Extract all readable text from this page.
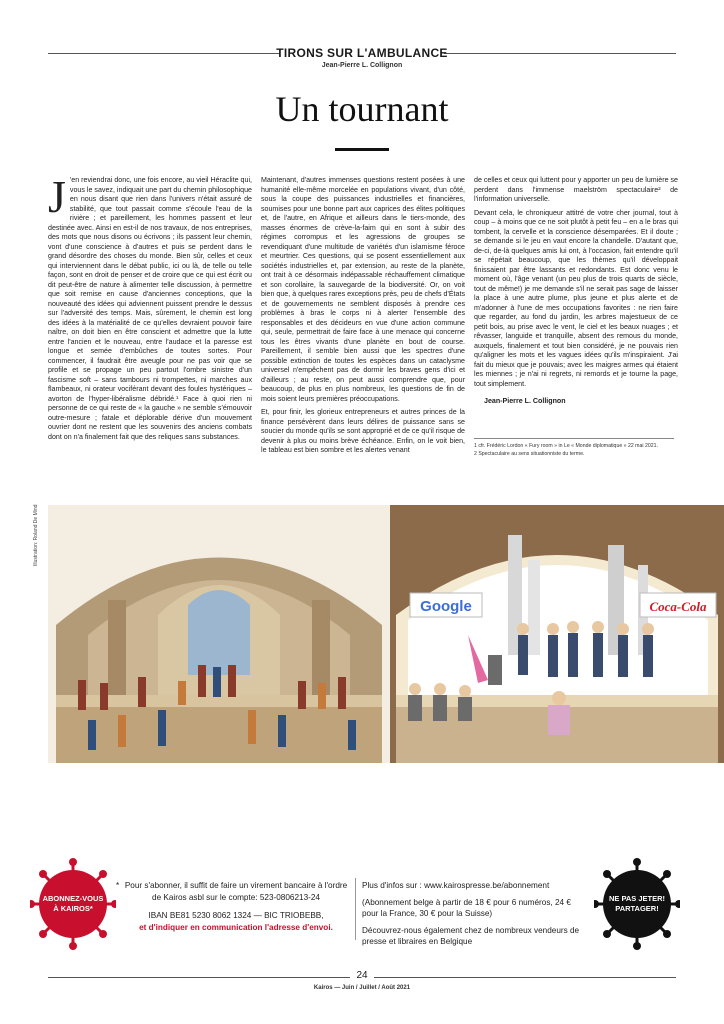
TIRONS SUR L'AMBULANCE
Jean-Pierre L. Collignon
Un tournant

J 'en reviendrai donc, une fois encore, au vieil Héraclite qui, vous le savez, indiquait une part du chemin philosophique en nous disant que rien dans l'univers n'était assuré de stabilité, que tout passait comme s'écoule l'eau de la rivière ; et pareillement, les hommes passent et leur destinée avec. Ainsi en est-il de nos travaux, de nos entreprises, des mots que nous disons ou écrivons ; ils passent leur chemin, vont d'une conscience à d'autres et puis se perdent dans le grand désordre des choses du monde. Bien sûr, celles et ceux qui interviennent dans le débat public, ici ou là, de telle ou telle façon, sont en droit de penser et de croire que ce qui est écrit ou dit peut-être de nature à alimenter telle discussion, à permettre que soit remise en cause d'anciennes conceptions, que la nouveauté des idées qui adviennent puissent prendre le dessus sur l'adversité des temps. Mais, sûrement, le chemin est long des idées à la matérialité de ce qu'elles devraient pouvoir faire naître, on doit bien en être conscient et admettre que la lutte entre l'ancien et le nouveau, entre l'audace et la paresse est longue et semée d'embûches de toutes sortes. Pour commencer, il faudrait être aveugle pour ne pas voir que se profile et se propage un peu partout l'ombre sinistre d'un fascisme soft – sans tambours ni trompettes, ni marches aux flambeaux, ni orateur vociférant devant des foules hystériques – avorton de l'hyper-libéralisme débridé.¹ Face à quoi rien ni personne de ce qui reste de « la gauche » ne semble s'émouvoir outre-mesure ; fatale et déplorable dérive d'un mouvement ouvrier dont ne restent que les souvenirs des anciens combats dont on n'a finalement fait que des reliques sans substances.

Maintenant, d'autres immenses questions restent posées à une humanité elle-même morcelée en populations vivant, d'un côté, sous la coupe des puissances industrielles et financières, soumises pour une bonne part aux caprices des élites politiques et, de l'autre, en Afrique et ailleurs dans le tiers-monde, des masses énormes de crève-la-faim qui en sont à subir des régimes corrompus et les agressions de groupes se revendiquant d'une multitude de variétés d'un islamisme féroce et meurtrier. Ces questions, qui se posent essentiellement aux sociétés industrielles et, par extension, au reste de la planète, ont trait à ce désormais indépassable réchauffement climatique et son corollaire, la sauvegarde de la biodiversité. Or, on voit bien que, à quelques rares exceptions près, peu de chefs d'États et de gouvernements ne semblent disposés à prendre ces problèmes à bras le corps ni à alerter l'ensemble des responsables et des décideurs en vue d'une action commune qui, seule, permettrait de faire face à une menace qui concerne tous les êtres vivants d'une planète en bout de course. Pareillement, il semble bien aussi que les spectres d'une possible extinction de toutes les espèces dans un cataclysme universel n'empêchent pas de dormir les braves gens d'ici et d'ailleurs ; au reste, on peut aussi comprendre que, pour beaucoup, de plus en plus nombreux, les questions de fin de mois soient leurs premières préoccupations.

Et, pour finir, les glorieux entrepreneurs et autres princes de la finance persévèrent dans leurs délires de puissance sans se soucier du monde qu'ils se sont approprié et de ce qu'il risque de devenir à plus ou moins brève échéance. Enfin, on le voit bien, le tableau est bien sombre et les alertes venant

de celles et ceux qui luttent pour y apporter un peu de lumière se perdent dans l'immense maelström spectaculaire² de l'information universelle.

Devant cela, le chroniqueur attitré de votre cher journal, tout à coup – à moins que ce ne soit plutôt à petit feu – en a le bras qui tombent, la cervelle et la conscience désemparées. Et il doute ; se demande si le jeu en vaut encore la chandelle. D'autant que, de-ci, de-là quelques amis lui ont, à l'occasion, fait entendre qu'il se répétait beaucoup, que les thèmes qu'il développait finissaient par être lassants et redondants. Est donc venu le moment où, l'âge venant (un peu plus de trois quarts de siècle, tout de même!) je me demande s'il ne serait pas sage de laisser la place à une autre plume, plus jeune et plus alerte et de m'adonner à l'une de mes occupations favorites : ne rien faire que regarder, au fond du jardin, les arbres majestueux de ce petit bois, au prise avec le vent, le ciel et les beaux nuages ; et rêvasser, languide et tranquille, absent des remous du monde, auxquels, finalement et tout bien considéré, je ne pouvais rien qu'aligner les mots et les vagues idées qu'ils m'inspiraient. J'ai fait du mieux que je pouvais; avec les maigres armes qui étaient les miennes ; je n'ai ni regrets, ni remords et je tourne la page, tout simplement.

Jean-Pierre L. Collignon
1 cfr. Frédéric Lordon « Fury room » in Le « Monde diplomatique » 22 mai 2021.
2 Spectaculaire au sens situationniste du terme.
Illustration: Roland De Mind
Google	Coca-Cola
ABONNEZ-VOUS
À KAIROS*
* Pour s'abonner, il suffit de faire un virement bancaire à l'ordre de Kairos asbl sur le compte: 523-0806213-24
IBAN BE81 5230 8062 1324 — BIC TRIOBEBB,
et d'indiquer en communication l'adresse d'envoi.

Plus d'infos sur : www.kairospresse.be/abonnement

(Abonnement belge à partir de 18 € pour 6 numéros, 24 € pour la France, 30 € pour la Suisse)

Découvrez-nous également chez de nombreux vendeurs de presse et libraires en Belgique

NE PAS JETER!
PARTAGER!
24
Kairos — Juin / Juillet / Août 2021
